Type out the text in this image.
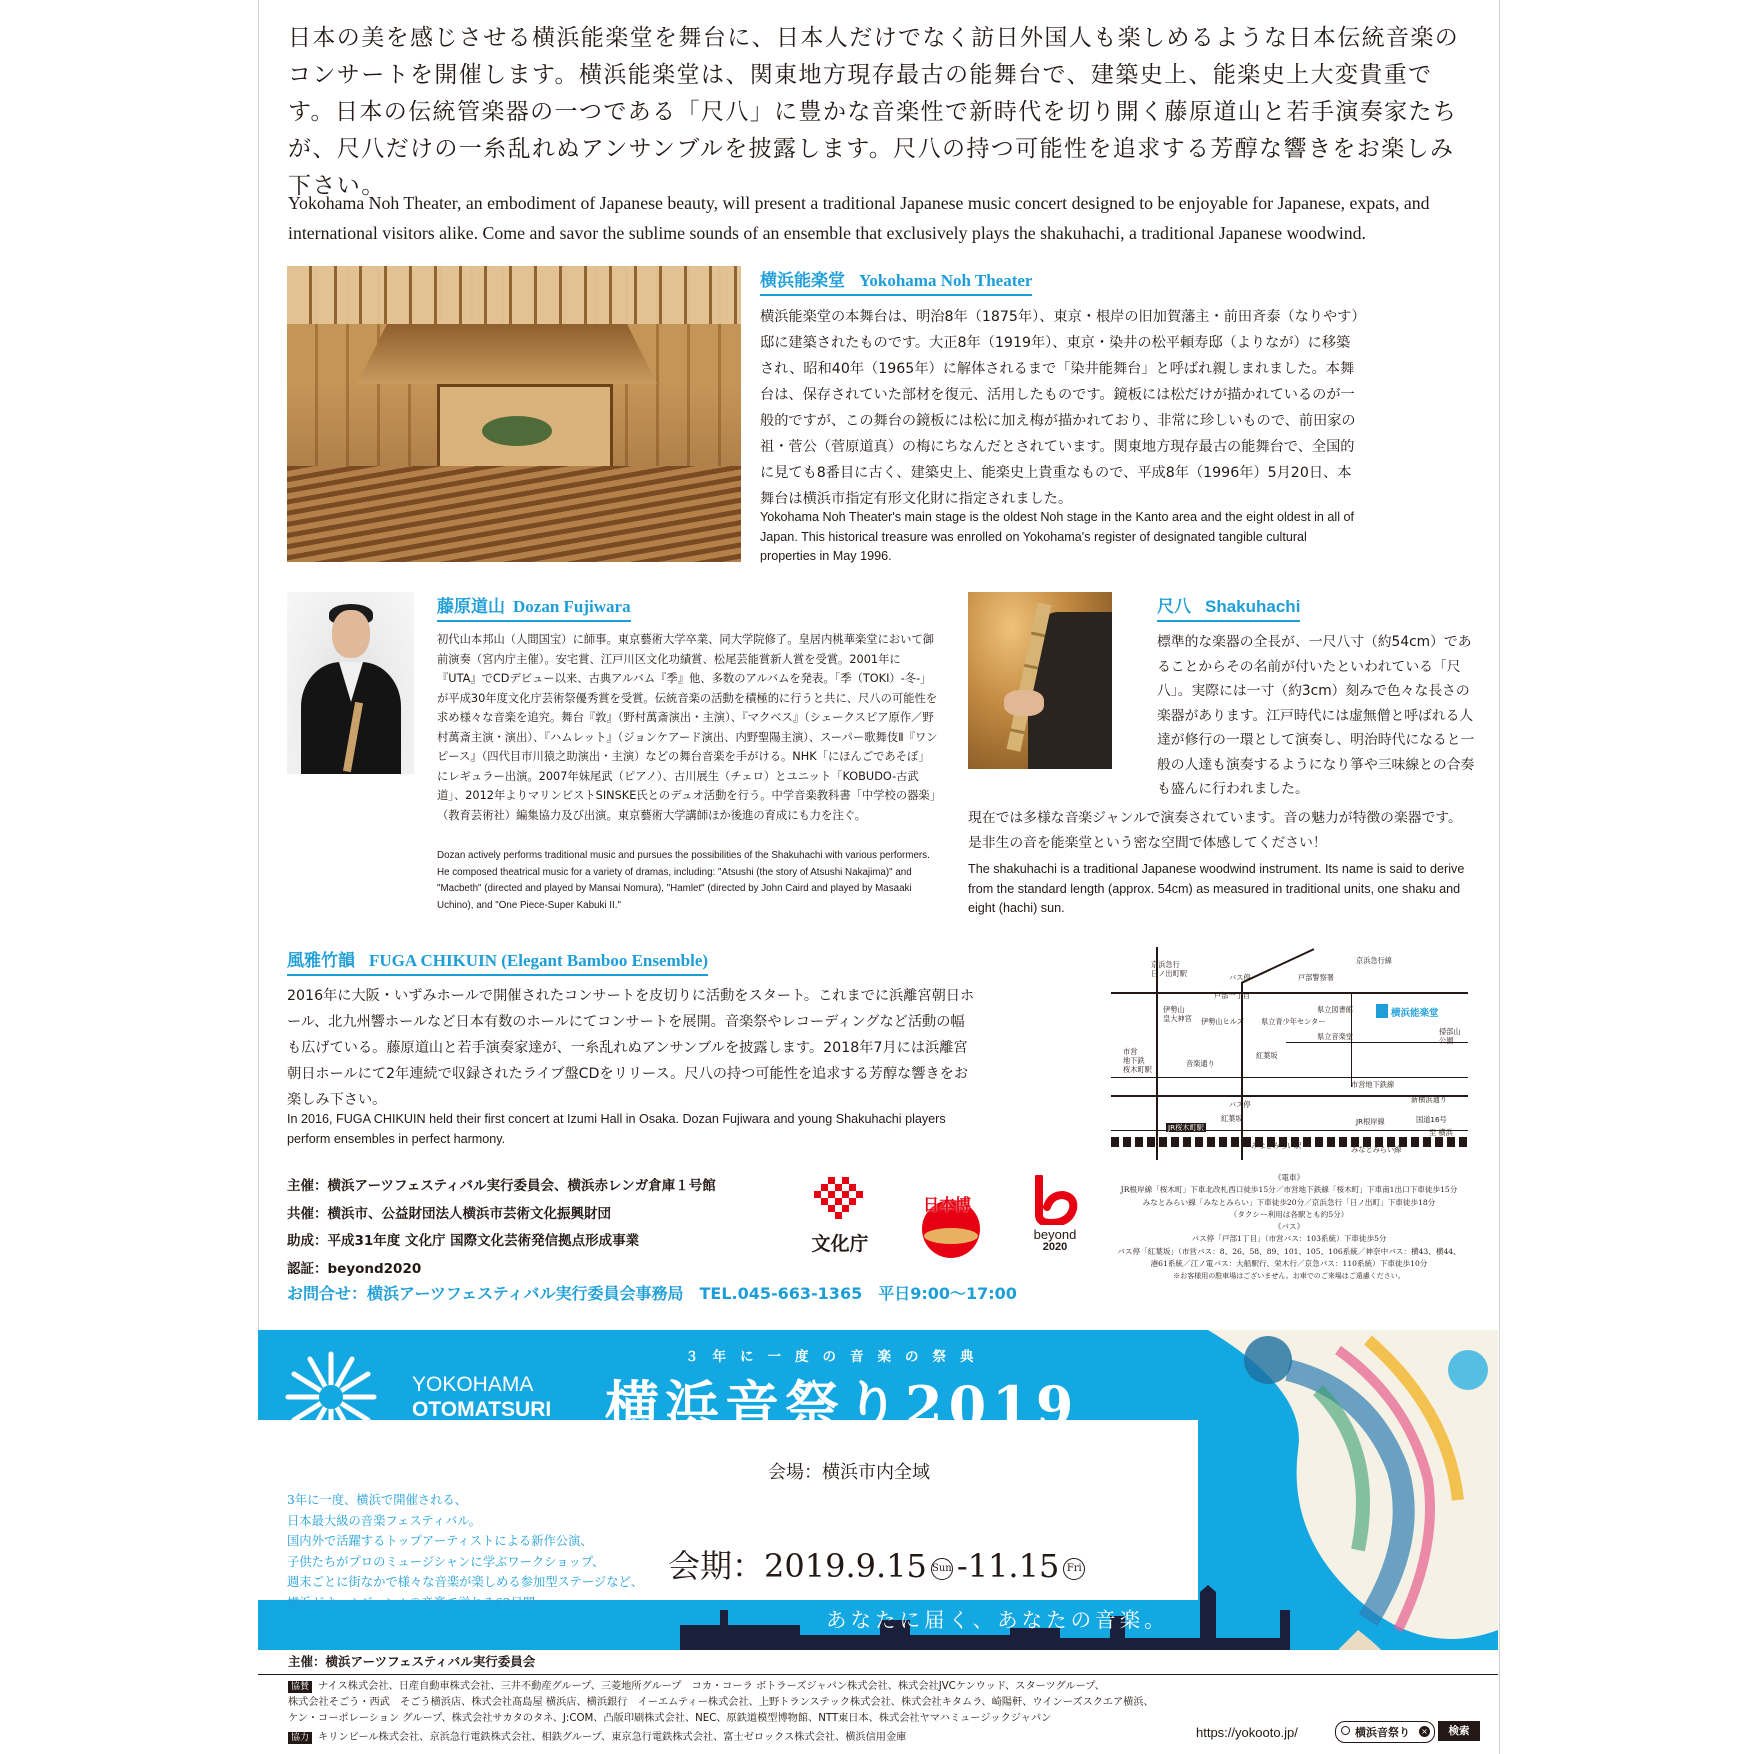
日本の美を感じさせる横浜能楽堂を舞台に、日本人だけでなく訪日外国人も楽しめるような日本伝統音楽のコンサートを開催します。横浜能楽堂は、関東地方現存最古の能舞台で、建築史上、能楽史上大変貴重です。日本の伝統管楽器の一つである「尺八」に豊かな音楽性で新時代を切り開く藤原道山と若手演奏家たちが、尺八だけの一糸乱れぬアンサンブルを披露します。尺八の持つ可能性を追求する芳醇な響きをお楽しみ下さい。
Yokohama Noh Theater, an embodiment of Japanese beauty, will present a traditional Japanese music concert designed to be enjoyable for Japanese, expats, and international visitors alike. Come and savor the sublime sounds of an ensemble that exclusively plays the shakuhachi, a traditional Japanese woodwind.
横浜能楽堂 Yokohama Noh Theater
横浜能楽堂の本舞台は、明治8年（1875年）、東京・根岸の旧加賀藩主・前田斉泰（なりやす）邸に建築されたものです。大正8年（1919年）、東京・染井の松平頼寿邸（よりなが）に移築され、昭和40年（1965年）に解体されるまで「染井能舞台」と呼ばれ親しまれました。本舞台は、保存されていた部材を復元、活用したものです。鏡板には松だけが描かれているのが一般的ですが、この舞台の鏡板には松に加え梅が描かれており、非常に珍しいもので、前田家の祖・菅公（菅原道真）の梅にちなんだとされています。関東地方現存最古の能舞台で、全国的に見ても8番目に古く、建築史上、能楽史上貴重なもので、平成8年（1996年）5月20日、本舞台は横浜市指定有形文化財に指定されました。
Yokohama Noh Theater's main stage is the oldest Noh stage in the Kanto area and the eight oldest in all of Japan. This historical treasure was enrolled on Yokohama's register of designated tangible cultural properties in May 1996.
藤原道山 Dozan Fujiwara
初代山本邦山（人間国宝）に師事。東京藝術大学卒業、同大学院修了。皇居内桃華楽堂において御前演奏（宮内庁主催）。安宅賞、江戸川区文化功績賞、松尾芸能賞新人賞を受賞。2001年に『UTA』でCDデビュー以来、古典アルバム『季』他、多数のアルバムを発表。「季（TOKI）-冬-」が平成30年度文化庁芸術祭優秀賞を受賞。伝統音楽の活動を積極的に行うと共に、尺八の可能性を求め様々な音楽を追究。舞台『敦』（野村萬斎演出・主演）、『マクベス』（シェークスピア原作／野村萬斎主演・演出）、『ハムレット』（ジョンケアード演出、内野聖陽主演）、スーパー歌舞伎Ⅱ『ワンピース』（四代目市川猿之助演出・主演）などの舞台音楽を手がける。NHK「にほんごであそぼ」にレギュラー出演。2007年妹尾武（ピアノ）、古川展生（チェロ）とユニット「KOBUDO-古武道」、2012年よりマリンビストSINSKE氏とのデュオ活動を行う。中学音楽教科書「中学校の器楽」（教育芸術社）編集協力及び出演。東京藝術大学講師ほか後進の育成にも力を注ぐ。
Dozan actively performs traditional music and pursues the possibilities of the Shakuhachi with various performers. He composed theatrical music for a variety of dramas, including: "Atsushi (the story of Atsushi Nakajima)" and "Macbeth" (directed and played by Mansai Nomura), "Hamlet" (directed by John Caird and played by Masaaki Uchino), and "One Piece-Super Kabuki II."
尺八 Shakuhachi
標準的な楽器の全長が、一尺八寸（約54cm）であることからその名前が付いたといわれている「尺八」。実際には一寸（約3cm）刻みで色々な長さの楽器があります。江戸時代には虚無僧と呼ばれる人達が修行の一環として演奏し、明治時代になると一般の人達も演奏するようになり箏や三味線との合奏も盛んに行われました。
現在では多様な音楽ジャンルで演奏されています。音の魅力が特徴の楽器です。是非生の音を能楽堂という密な空間で体感してください！
The shakuhachi is a traditional Japanese woodwind instrument. Its name is said to derive from the standard length (approx. 54cm) as measured in traditional units, one shaku and eight (hachi) sun.
風雅竹韻 FUGA CHIKUIN (Elegant Bamboo Ensemble)
2016年に大阪・いずみホールで開催されたコンサートを皮切りに活動をスタート。これまでに浜離宮朝日ホール、北九州響ホールなど日本有数のホールにてコンサートを展開。音楽祭やレコーディングなど活動の幅も広げている。藤原道山と若手演奏家達が、一糸乱れぬアンサンブルを披露します。2018年7月には浜離宮朝日ホールにて2年連続で収録されたライブ盤CDをリリース。尺八の持つ可能性を追求する芳醇な響きをお楽しみ下さい。
In 2016, FUGA CHIKUIN held their first concert at Izumi Hall in Osaka. Dozan Fujiwara and young Shakuhachi players perform ensembles in perfect harmony.
横浜能楽堂
京浜急行
日ノ出町駅
京浜急行線
バス停	戸部警察署
戸部一丁目
伊勢山
皇大神宮 伊勢山ヒルズ
県立図書館
県立青少年センター
県立音楽堂
掃部山
公園
市営
地下鉄
桜木町駅
音楽通り
紅葉坂
市営地下鉄線
新横浜通り
バス停
紅葉坂	JR根岸線	国道16号
至 横浜
JR桜木町駅
みなとみらい駅	みなとみらい線
《電車》
JR根岸線「桜木町」下車北改札西口徒歩15分／市営地下鉄線「桜木町」下車南1出口下車徒歩15分
みなとみらい線「みなとみらい」下車徒歩20分／京浜急行「日ノ出町」下車徒歩18分
（タクシー利用は各駅とも約5分）
《バス》
バス停「戸部1丁目」（市営バス：103系統）下車徒歩5分
バス停「紅葉坂」（市営バス：8、26、58、89、101、105、106系統／神奈中バス：横43、横44、
港61系統／江ノ電バス：大船駅行、栄木行／京急バス：110系統）下車徒歩10分
※お客様用の駐車場はございません。お車でのご来場はご遠慮ください。
主催：横浜アーツフェスティバル実行委員会、横浜赤レンガ倉庫１号館
共催：横浜市、公益財団法人横浜市芸術文化振興財団
助成：平成31年度 文化庁 国際文化芸術発信拠点形成事業
認証：beyond2020
お問合せ：横浜アーツフェスティバル実行委員会事務局　TEL.045-663-1365　平日9:00～17:00
文化庁
日本博
beyond
2020
YOKOHAMA
OTOMATSURI
横浜音祭り
３年に一度の音楽の祭典
横浜音祭り2019
会場：横浜市内全域
3年に一度、横浜で開催される、
日本最大級の音楽フェスティバル。
国内外で活躍するトップアーティストによる新作公演、
子供たちがプロのミュージシャンに学ぶワークショップ、
週末ごとに街なかで様々な音楽が楽しめる参加型ステージなど、
横浜がオールジャンルの音楽で溢れる62日間。
会期：2019.9.15 Sun -11.15 Fri
あなたに届く、あなたの音楽。
主催：横浜アーツフェスティバル実行委員会
協賛 ナイス株式会社、日産自動車株式会社、三井不動産グループ、三菱地所グループ　コカ・コーラ ボトラーズジャパン株式会社、株式会社JVCケンウッド、スターツグループ、
株式会社そごう・西武　そごう横浜店、株式会社髙島屋 横浜店、横浜銀行　イーエムティー株式会社、上野トランステック株式会社、株式会社キタムラ、崎陽軒、ウインーズスクエア横浜、
ケン・コーポレーション グループ、株式会社サカタのタネ、J:COM、凸版印刷株式会社、NEC、原鉄道模型博物館、NTT東日本、株式会社ヤマハミュージックジャパン
協力 キリンビール株式会社、京浜急行電鉄株式会社、相鉄グループ、東京急行電鉄株式会社、富士ゼロックス株式会社、横浜信用金庫	https://yokooto.jp/	横浜音祭り ×	検索
